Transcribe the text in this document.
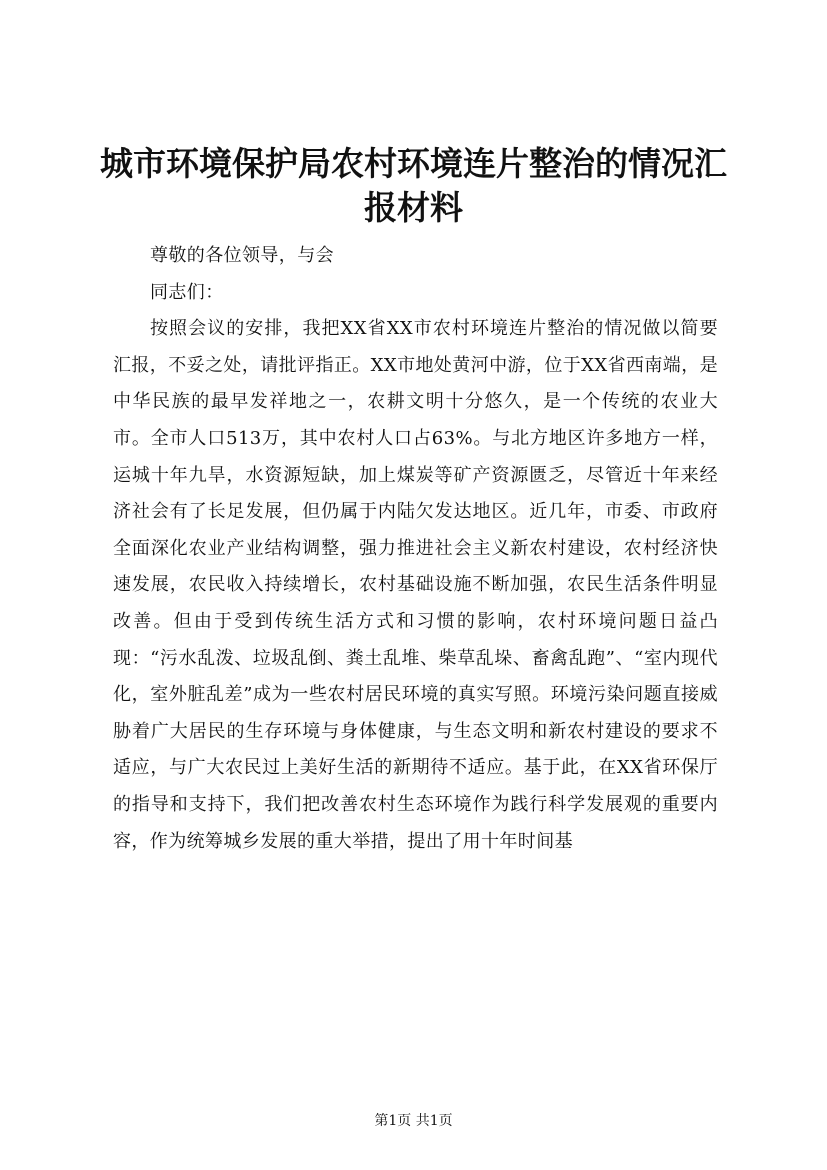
城市环境保护局农村环境连片整治的情况汇报材料

尊敬的各位领导，与会

同志们：

按照会议的安排，我把XX省XX市农村环境连片整治的情况做以简要汇报，不妥之处，请批评指正。XX市地处黄河中游，位于XX省西南端，是中华民族的最早发祥地之一，农耕文明十分悠久，是一个传统的农业大市。全市人口513万，其中农村人口占63%。与北方地区许多地方一样，运城十年九旱，水资源短缺，加上煤炭等矿产资源匮乏，尽管近十年来经济社会有了长足发展，但仍属于内陆欠发达地区。近几年，市委、市政府全面深化农业产业结构调整，强力推进社会主义新农村建设，农村经济快速发展，农民收入持续增长，农村基础设施不断加强，农民生活条件明显改善。但由于受到传统生活方式和习惯的影响，农村环境问题日益凸现：“污水乱泼、垃圾乱倒、粪土乱堆、柴草乱垛、畜禽乱跑”、“室内现代化，室外脏乱差”成为一些农村居民环境的真实写照。环境污染问题直接威胁着广大居民的生存环境与身体健康，与生态文明和新农村建设的要求不适应，与广大农民过上美好生活的新期待不适应。基于此，在XX省环保厅的指导和支持下，我们把改善农村生态环境作为践行科学发展观的重要内容，作为统筹城乡发展的重大举措，提出了用十年时间基

第1页 共1页
